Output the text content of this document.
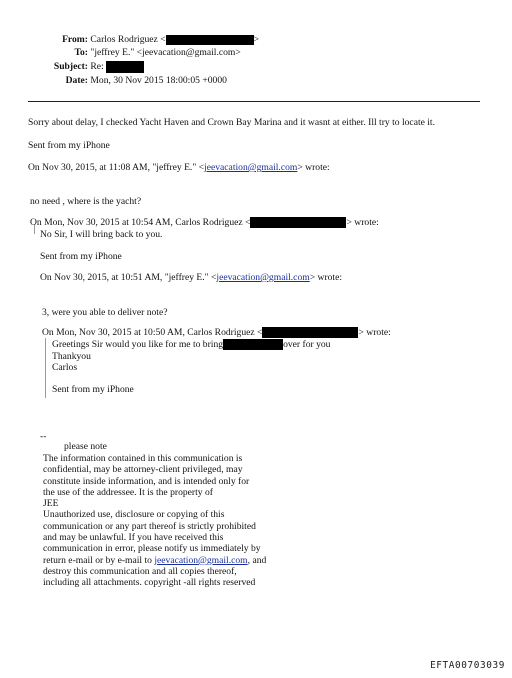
From: Carlos Rodriguez <	>
To: "jeffrey E." <jeevacation@gmail.com>
Subject: Re:
Date: Mon, 30 Nov 2015 18:00:05 +0000
Sorry about delay, I checked Yacht Haven and Crown Bay Marina and it wasnt at either. Ill try to locate it.
Sent from my iPhone
On Nov 30, 2015, at 11:08 AM, "jeffrey E." <jeevacation@gmail.com> wrote:
no need , where is the yacht?
On Mon, Nov 30, 2015 at 10:54 AM, Carlos Rodriguez <	> wrote:
No Sir, I will bring back to you.
Sent from my iPhone
On Nov 30, 2015, at 10:51 AM, "jeffrey E." <jeevacation@gmail.com> wrote:
3, were you able to deliver note?
On Mon, Nov 30, 2015 at 10:50 AM, Carlos Rodriguez <	> wrote:
Greetings Sir would you like for me to bring	over for you
Thankyou
Carlos
Sent from my iPhone
--
please note
The information contained in this communication is
confidential, may be attorney-client privileged, may
constitute inside information, and is intended only for
the use of the addressee. It is the property of
JEE
Unauthorized use, disclosure or copying of this
communication or any part thereof is strictly prohibited
and may be unlawful. If you have received this
communication in error, please notify us immediately by
return e-mail or by e-mail to jeevacation@gmail.com, and
destroy this communication and all copies thereof,
including all attachments. copyright -all rights reserved
EFTA00703039
